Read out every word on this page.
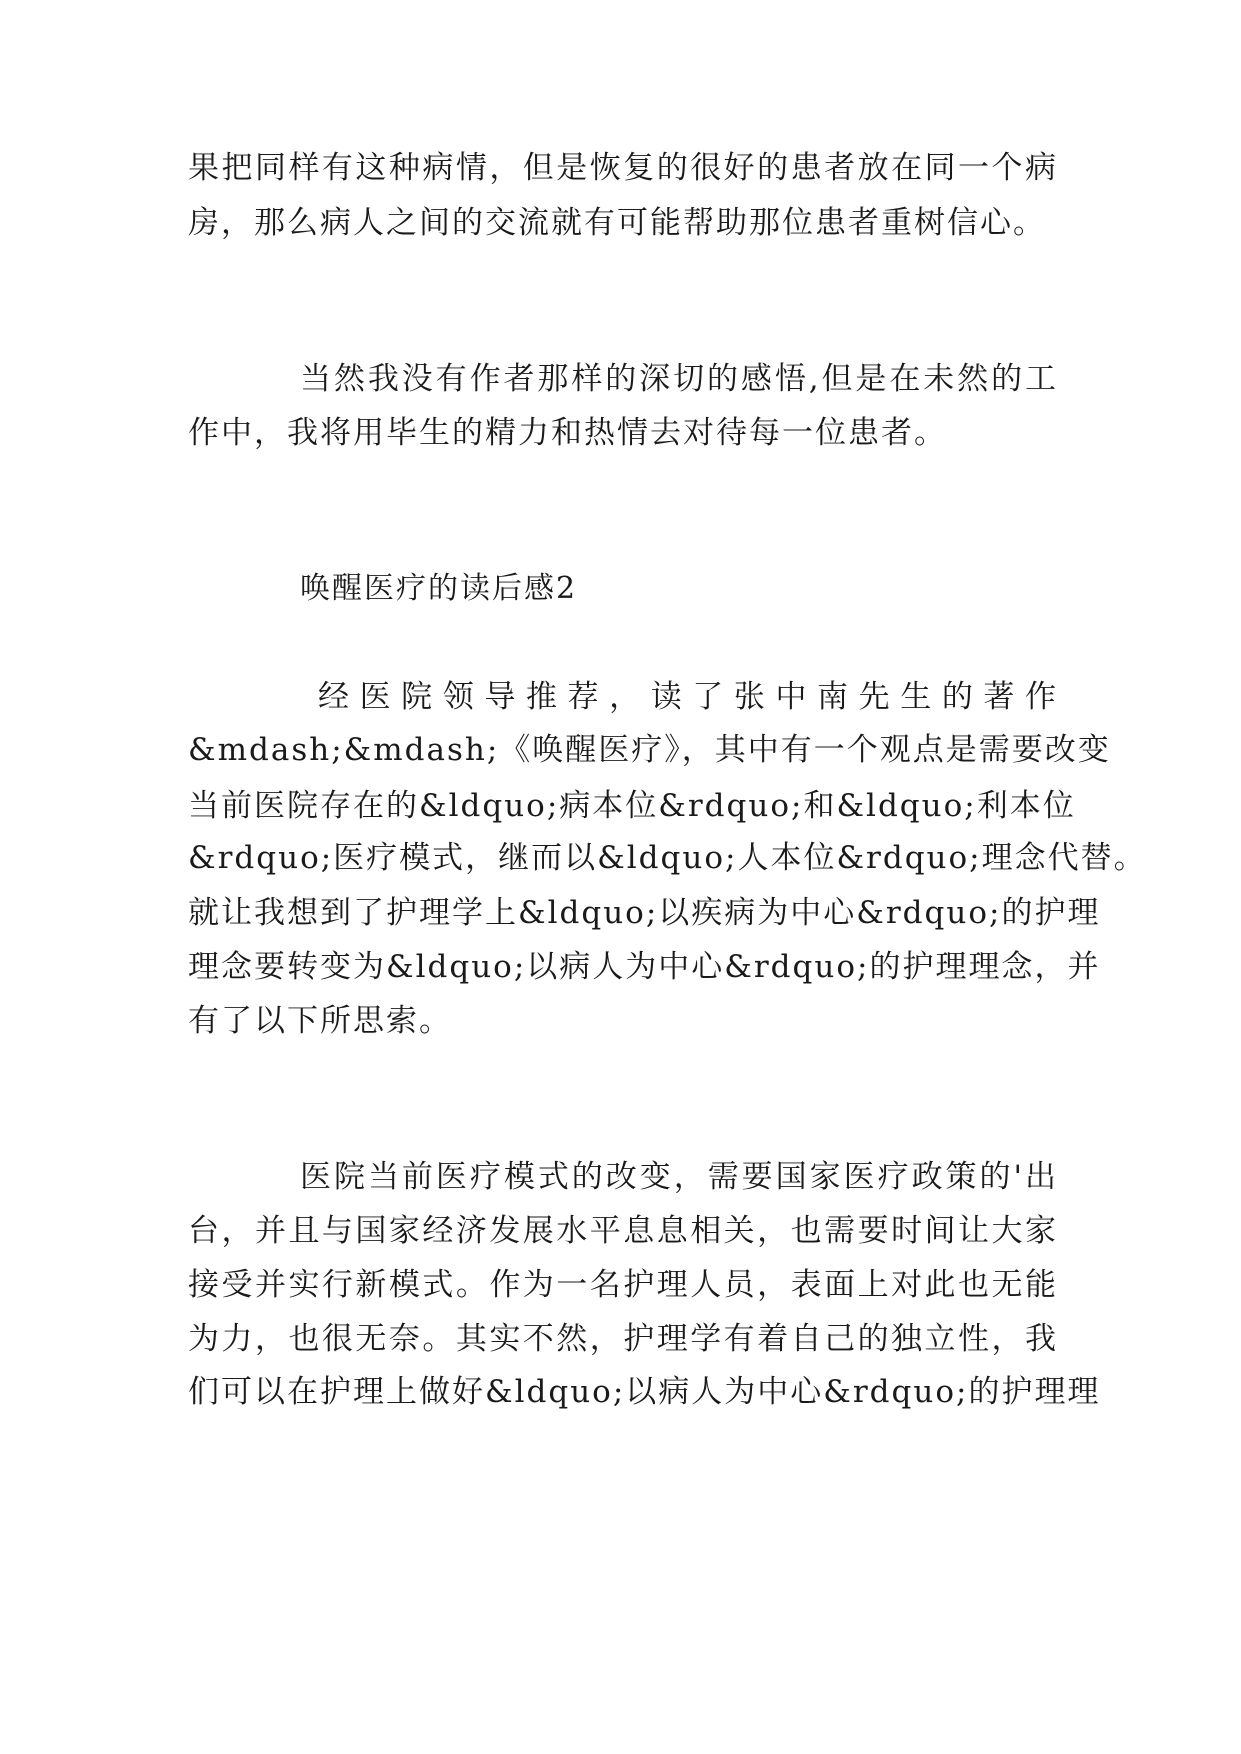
果把同样有这种病情，但是恢复的很好的患者放在同一个病
房，那么病人之间的交流就有可能帮助那位患者重树信心。
当然我没有作者那样的深切的感悟,但是在未然的工
作中，我将用毕生的精力和热情去对待每一位患者。
唤醒医疗的读后感2
经医院领导推荐，读了张中南先生的著作
&mdash;&mdash;《唤醒医疗》，其中有一个观点是需要改变
当前医院存在的&ldquo;病本位&rdquo;和&ldquo;利本位
&rdquo;医疗模式，继而以&ldquo;人本位&rdquo;理念代替。
就让我想到了护理学上&ldquo;以疾病为中心&rdquo;的护理
理念要转变为&ldquo;以病人为中心&rdquo;的护理理念，并
有了以下所思索。
医院当前医疗模式的改变，需要国家医疗政策的'出
台，并且与国家经济发展水平息息相关，也需要时间让大家
接受并实行新模式。作为一名护理人员，表面上对此也无能
为力，也很无奈。其实不然，护理学有着自己的独立性，我
们可以在护理上做好&ldquo;以病人为中心&rdquo;的护理理
